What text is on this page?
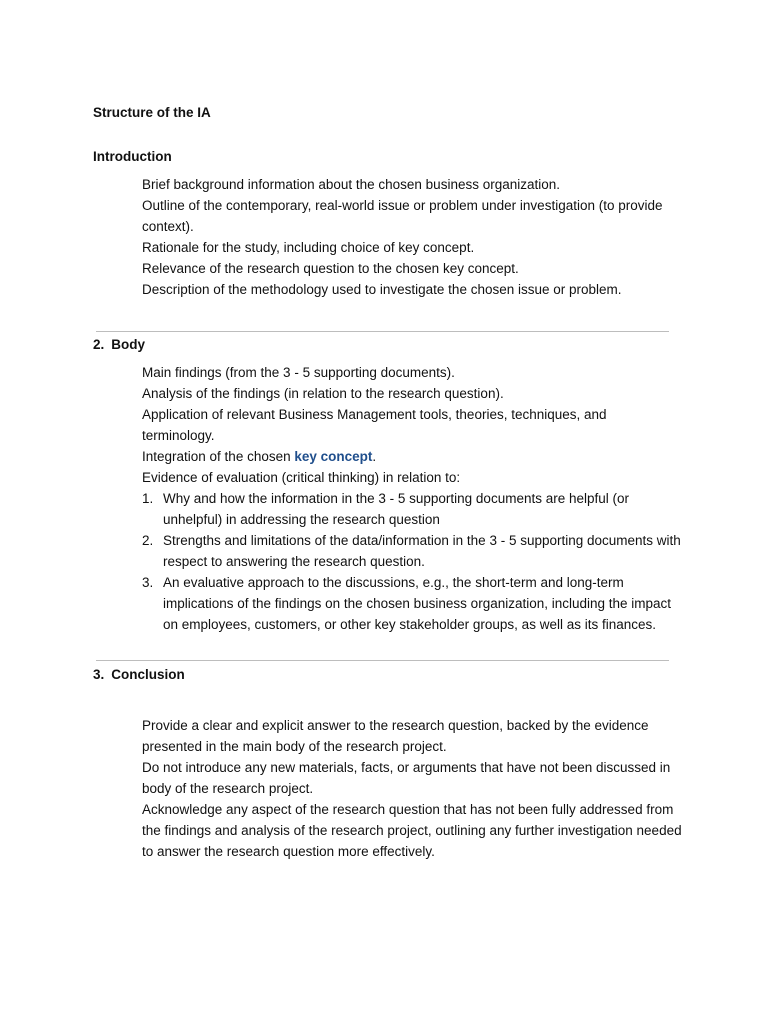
Structure of the IA
Introduction
Brief background information about the chosen business organization.
Outline of the contemporary, real-world issue or problem under investigation (to provide context).
Rationale for the study, including choice of key concept.
Relevance of the research question to the chosen key concept.
Description of the methodology used to investigate the chosen issue or problem.
2. Body
Main findings (from the 3 - 5 supporting documents).
Analysis of the findings (in relation to the research question).
Application of relevant Business Management tools, theories, techniques, and terminology.
Integration of the chosen key concept.
Evidence of evaluation (critical thinking) in relation to:
1. Why and how the information in the 3 - 5 supporting documents are helpful (or unhelpful) in addressing the research question
2. Strengths and limitations of the data/information in the 3 - 5 supporting documents with respect to answering the research question.
3. An evaluative approach to the discussions, e.g., the short-term and long-term implications of the findings on the chosen business organization, including the impact on employees, customers, or other key stakeholder groups, as well as its finances.
3. Conclusion
Provide a clear and explicit answer to the research question, backed by the evidence presented in the main body of the research project.
Do not introduce any new materials, facts, or arguments that have not been discussed in body of the research project.
Acknowledge any aspect of the research question that has not been fully addressed from the findings and analysis of the research project, outlining any further investigation needed to answer the research question more effectively.
